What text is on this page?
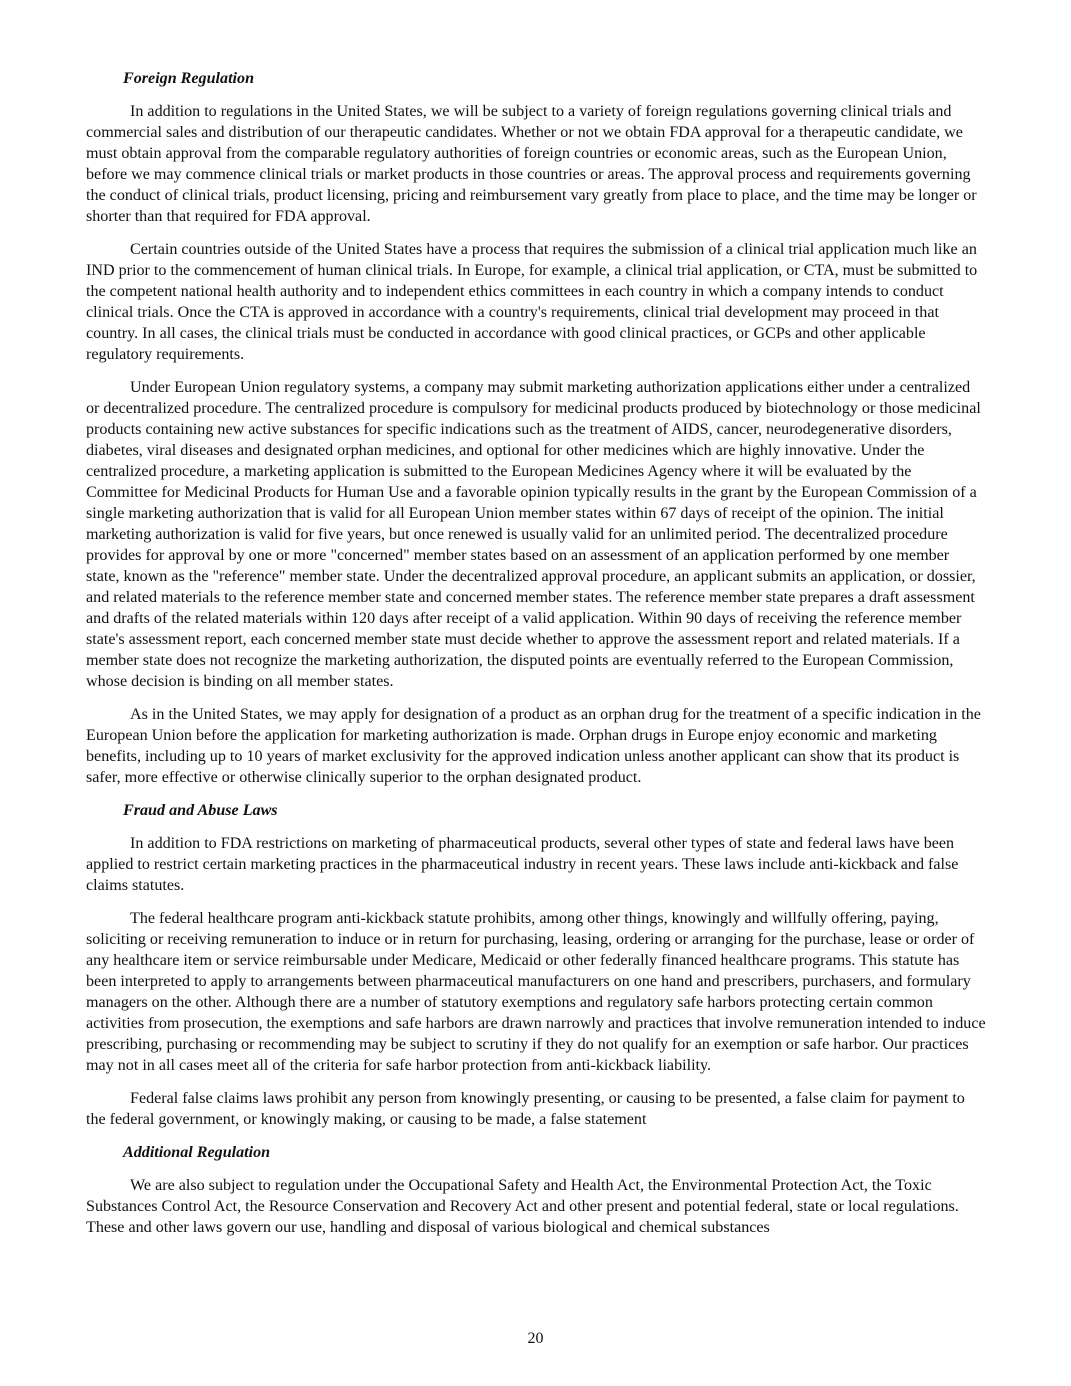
Foreign Regulation

In addition to regulations in the United States, we will be subject to a variety of foreign regulations governing clinical trials and commercial sales and distribution of our therapeutic candidates. Whether or not we obtain FDA approval for a therapeutic candidate, we must obtain approval from the comparable regulatory authorities of foreign countries or economic areas, such as the European Union, before we may commence clinical trials or market products in those countries or areas. The approval process and requirements governing the conduct of clinical trials, product licensing, pricing and reimbursement vary greatly from place to place, and the time may be longer or shorter than that required for FDA approval.

Certain countries outside of the United States have a process that requires the submission of a clinical trial application much like an IND prior to the commencement of human clinical trials. In Europe, for example, a clinical trial application, or CTA, must be submitted to the competent national health authority and to independent ethics committees in each country in which a company intends to conduct clinical trials. Once the CTA is approved in accordance with a country's requirements, clinical trial development may proceed in that country. In all cases, the clinical trials must be conducted in accordance with good clinical practices, or GCPs and other applicable regulatory requirements.

Under European Union regulatory systems, a company may submit marketing authorization applications either under a centralized or decentralized procedure. The centralized procedure is compulsory for medicinal products produced by biotechnology or those medicinal products containing new active substances for specific indications such as the treatment of AIDS, cancer, neurodegenerative disorders, diabetes, viral diseases and designated orphan medicines, and optional for other medicines which are highly innovative. Under the centralized procedure, a marketing application is submitted to the European Medicines Agency where it will be evaluated by the Committee for Medicinal Products for Human Use and a favorable opinion typically results in the grant by the European Commission of a single marketing authorization that is valid for all European Union member states within 67 days of receipt of the opinion. The initial marketing authorization is valid for five years, but once renewed is usually valid for an unlimited period. The decentralized procedure provides for approval by one or more "concerned" member states based on an assessment of an application performed by one member state, known as the "reference" member state. Under the decentralized approval procedure, an applicant submits an application, or dossier, and related materials to the reference member state and concerned member states. The reference member state prepares a draft assessment and drafts of the related materials within 120 days after receipt of a valid application. Within 90 days of receiving the reference member state's assessment report, each concerned member state must decide whether to approve the assessment report and related materials. If a member state does not recognize the marketing authorization, the disputed points are eventually referred to the European Commission, whose decision is binding on all member states.

As in the United States, we may apply for designation of a product as an orphan drug for the treatment of a specific indication in the European Union before the application for marketing authorization is made. Orphan drugs in Europe enjoy economic and marketing benefits, including up to 10 years of market exclusivity for the approved indication unless another applicant can show that its product is safer, more effective or otherwise clinically superior to the orphan designated product.

Fraud and Abuse Laws

In addition to FDA restrictions on marketing of pharmaceutical products, several other types of state and federal laws have been applied to restrict certain marketing practices in the pharmaceutical industry in recent years. These laws include anti-kickback and false claims statutes.

The federal healthcare program anti-kickback statute prohibits, among other things, knowingly and willfully offering, paying, soliciting or receiving remuneration to induce or in return for purchasing, leasing, ordering or arranging for the purchase, lease or order of any healthcare item or service reimbursable under Medicare, Medicaid or other federally financed healthcare programs. This statute has been interpreted to apply to arrangements between pharmaceutical manufacturers on one hand and prescribers, purchasers, and formulary managers on the other. Although there are a number of statutory exemptions and regulatory safe harbors protecting certain common activities from prosecution, the exemptions and safe harbors are drawn narrowly and practices that involve remuneration intended to induce prescribing, purchasing or recommending may be subject to scrutiny if they do not qualify for an exemption or safe harbor. Our practices may not in all cases meet all of the criteria for safe harbor protection from anti-kickback liability.

Federal false claims laws prohibit any person from knowingly presenting, or causing to be presented, a false claim for payment to the federal government, or knowingly making, or causing to be made, a false statement

Additional Regulation

We are also subject to regulation under the Occupational Safety and Health Act, the Environmental Protection Act, the Toxic Substances Control Act, the Resource Conservation and Recovery Act and other present and potential federal, state or local regulations. These and other laws govern our use, handling and disposal of various biological and chemical substances

20
